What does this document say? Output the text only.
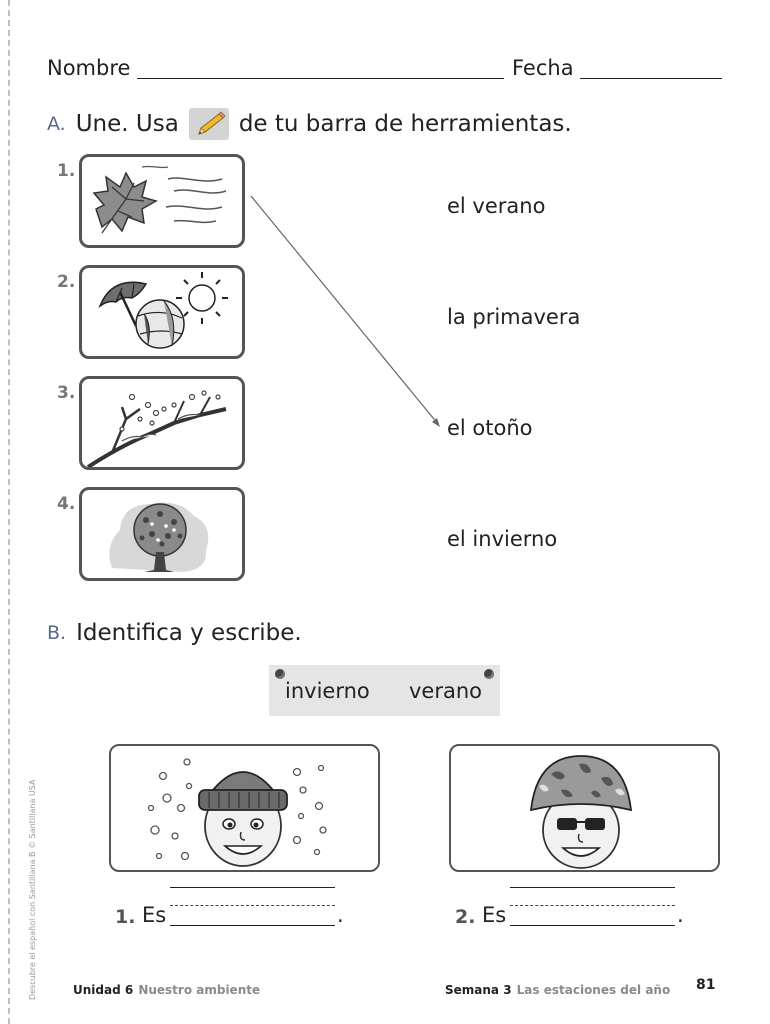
Descubre el español con Santillana B © Santillana USA
Nombre	Fecha
A. Une. Usa	de tu barra de herramientas.
1.
2.
3.
4.
el verano
la primavera
el otoño
el invierno
B. Identifica y escribe.
invierno verano
1. Es	.	2. Es	.
Unidad 6 Nuestro ambiente	Semana 3 Las estaciones del año 81
